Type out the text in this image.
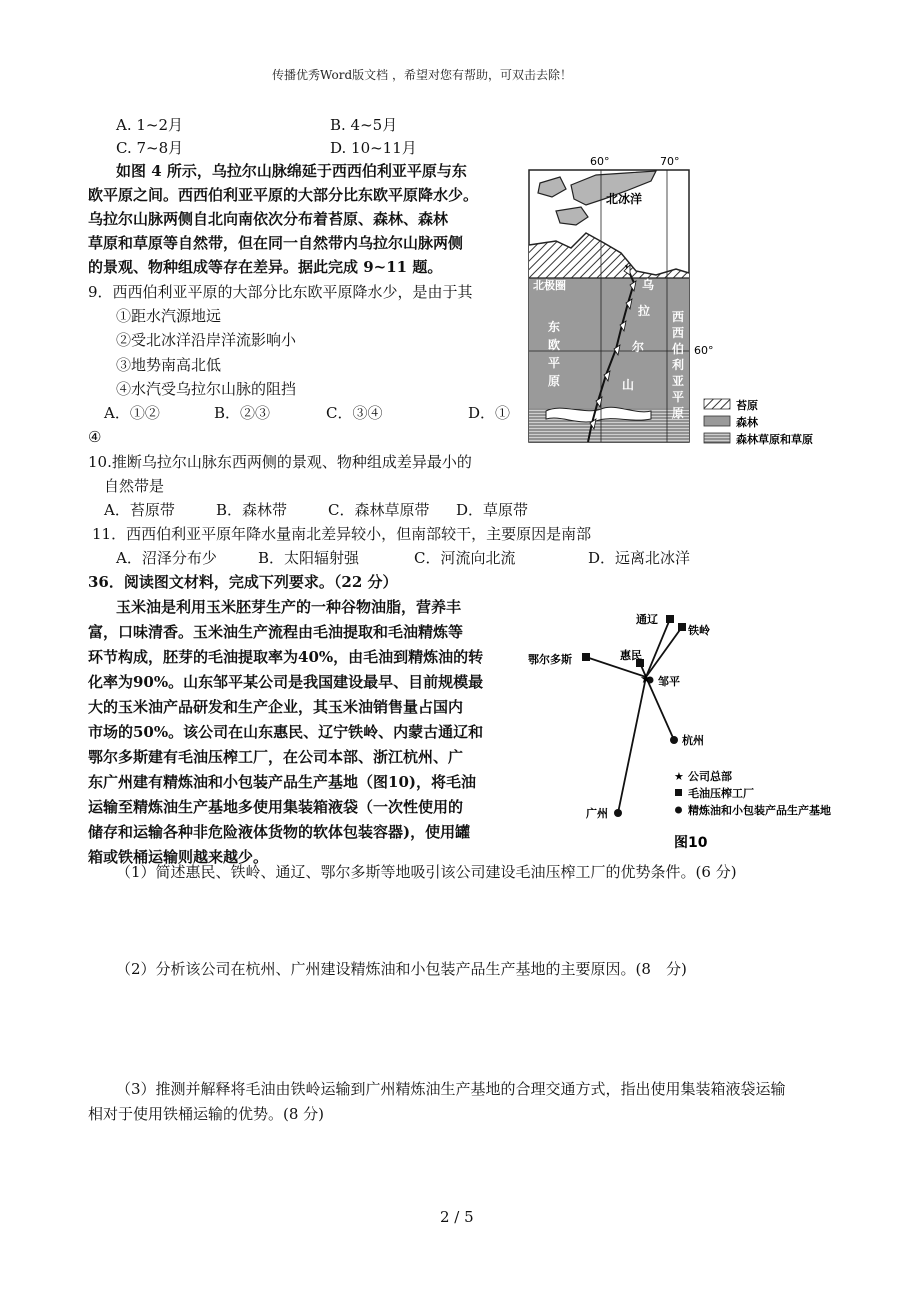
传播优秀Word版文档 ，希望对您有帮助，可双击去除！
A. 1~2月	B. 4~5月
C. 7~8月	D. 10~11月
如图 4 所示，乌拉尔山脉绵延于西西伯利亚平原与东
欧平原之间。西西伯利亚平原的大部分比东欧平原降水少。
乌拉尔山脉两侧自北向南依次分布着苔原、森林、森林
草原和草原等自然带，但在同一自然带内乌拉尔山脉两侧
的景观、物种组成等存在差异。据此完成 9~11 题。
9．西西伯利亚平原的大部分比东欧平原降水少，是由于其
①距水汽源地远
②受北冰洋沿岸洋流影响小
③地势南高北低
④水汽受乌拉尔山脉的阻挡
A．①②	B．②③	C．③④	D．①
④
10.推断乌拉尔山脉东西两侧的景观、物种组成差异最小的
自然带是
A．苔原带	B．森林带	C．森林草原带 D．草原带
11．西西伯利亚平原年降水量南北差异较小，但南部较干，主要原因是南部
A．沼泽分布少	B．太阳辐射强	C．河流向北流	D．远离北冰洋
36．阅读图文材料，完成下列要求。（22 分）
玉米油是利用玉米胚芽生产的一种谷物油脂，营养丰
富，口味清香。玉米油生产流程由毛油提取和毛油精炼等
环节构成，胚芽的毛油提取率为40%，由毛油到精炼油的转
化率为90%。山东邹平某公司是我国建设最早、目前规模最
大的玉米油产品研发和生产企业，其玉米油销售量占国内
市场的50%。该公司在山东惠民、辽宁铁岭、内蒙古通辽和
鄂尔多斯建有毛油压榨工厂，在公司本部、浙江杭州、广
东广州建有精炼油和小包装产品生产基地（图10)，将毛油
运输至精炼油生产基地多使用集装箱液袋（一次性使用的
储存和运输各种非危险液体货物的软体包装容器)，使用罐
箱或铁桶运输则越来越少。
（1）简述惠民、铁岭、通辽、鄂尔多斯等地吸引该公司建设毛油压榨工厂的优势条件。(6 分)
（2）分析该公司在杭州、广州建设精炼油和小包装产品生产基地的主要原因。(8　分)
（3）推测并解释将毛油由铁岭运输到广州精炼油生产基地的合理交通方式，指出使用集装箱液袋运输
相对于使用铁桶运输的优势。(8 分)
2 / 5
60°	70°
60°
北冰洋
北极圈
东
欧
平
原
乌
拉
尔
山
西
西
伯
利
亚
平
原
苔原
森林
森林草原和草原
★
通辽
铁岭
鄂尔多斯	惠民
邹平
杭州
广州
★ 公司总部
毛油压榨工厂
精炼油和小包装产品生产基地
图10
